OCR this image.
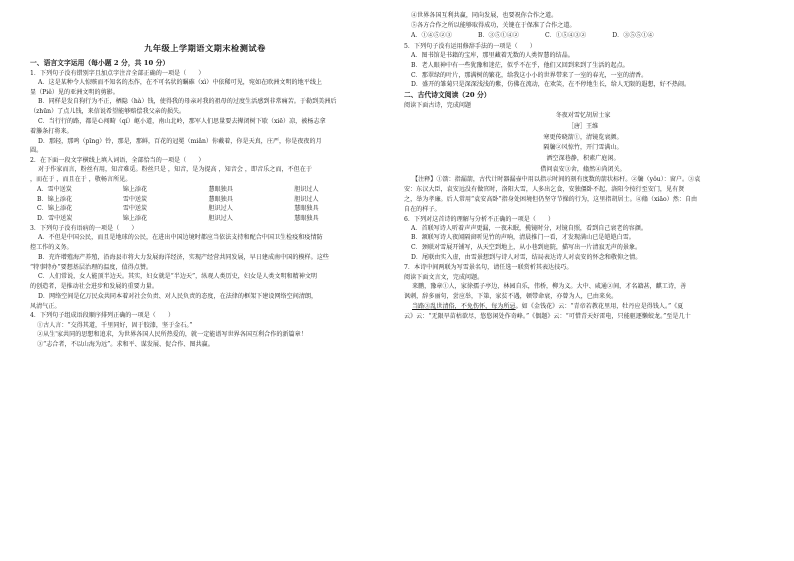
九年级上学期语文期末检测试卷
一、语言文字运用（每小题 2 分，共 10 分）
1．下列句子没有错别字且加点字注音全部正确的一项是（　　）
A．这是某种令人惊赅而不知名的杰作，在不可名状的瞩碓（xì）中依稀可见，宛如在欧洲文明的地平线上
显（Piě）见的亚洲文明的剪影。
B．同样是发自狗行为不正，栖隐（hà）钱，使得我的母亲对我的祖母的过度生活感到非常痛苦。于勒到美洲后
（zhūn）了点儿钱，来信说希望能够赔偿我父亲的损失。
C．当行行的路，都是心闯畸（qí）岖小道，南山北岭，那军人们思量要去撵闭树下歇（xiē）凉，被杨志拿
着籐条打将来。
D．那轻，那鸣（pīng）铃，那是，那鲜，百花的冠冕（miǎn）你戴着，你是天真，庄严，你是夜夜的月
圆。
2．在下面一段文字横线上填入词语，全部恰当的一项是（　　）
对于作家而言，粉丝有用，知音难觅。粉丝只是 ，知音，是为提高 ，知音会 ，即音乐之而，不但在于
，而在于 ，而且在于 ，敬畅言所见。
A．雪中送炭	锦上添花	慧眼独具	胆识过人
B．锦上添花	雪中送炭	慧眼独具	胆识过人
C．锦上添花	雪中送炭	胆识过人	慧眼独具
D．雪中送炭	锦上添花	胆识过人	慧眼独具
3．下列句子没有语病的一项是（　　）
A．不但是中国公民，而且是地球的公民，在进出中国边境时都应当依法支持和配合中国卫生检疫和疫情防
控工作的义务。
B．充许增殖海产养殖，沿海县市将大力发展海洋经济，实现产经营共同发展，早日建成南中国的模样。这些
“特事特办”要想基层治理的温度，值得点赞。
C．人们常说，女人能顶半边天。其实，妇女就是“半边天”，纵观人类历史，妇女是人类文明和精神文明
的创造者，是推动社会进步和发展的重要力量。
D．网络空间是亿万民众共同本着对社会负责、对人民负责的态度，在法律的框架下建设网络空间清朗，
风清气正。
4．下列句子组成语段顺序排列正确的一项是（　　）
①古人言：“交得其道，千里同好，固于胶漆，坚于金石。”
②从生'家共同的思想和追求，为世界各国人民所热爱的，就一定能谱写世界各国互利合作的新篇章！
③“志合者，不以山海为远”。求和平、谋发展、促合作、图共赢。
④世界各国互利共赢，同向发展，也要祝你合作之道。
⑤各方合作之所以能够取得成功，关键在于保准了合作之道。
A．①④⑤②③	B．③⑤①④②	C．①⑤④③②	D．③⑤⑤①④
5．下列句子没有运用修辞手法的一项是（　　）
A．图书馆是书籍的宝库，那里藏着无数的人类智慧的结晶。
B．老人眼神中有一些犹豫和迷茫，似乎不在乎，他们又回到来到了生活的起点。
C．那翠绿的叶片，那满树的繁花，给我这小小的世界带来了一室的春光，一室的清香。
D．盛开的雏菊只是深深浅浅的紫，仿佛在流动，在欢笑，在不停地生长，给人无限的遐想，好不热闹。
二、古代诗文阅读（20 分）
阅读下面古诗，完成问题
冬夜对雪忆胡居士家
［唐］王维
寒更传晓箭①，清镜览衰颜。
隔牖②风惊竹，开门雪满山。
洒空深巷静，积素广庭闲。
借问袁安③舍，翛然④尚闭关。
【注释】①箭：指漏箭，古代计时器漏壶中用以指示时间的刻有度数的箭状标杆。②牖（yǒu）：窗户。③袁
安：东汉大臣，袁安远没有做官时，洛阳大雪，人多出乞食，安独僵卧不起，洛阳令按行至安门，见有贤
之，举为孝廉。后人常用“袁安高卧”指身处困境但仍坚守节操的行为，这里指胡居士。④翛（xiāo）然：自由
自在的样子。
6．下列对这首诗的理解与分析不正确的一项是（　　）
A．首联写诗人听着声声更漏，一夜未眠，揽镜时分，对镜自照，看到自己衰老的容颜。
B．颔联写诗人夜闻隔窗听见竹的声响，清晨推门一看，才发现满山已是皑皑白雪。
C．颈联对雪展开铺写，从天空到地上，从小巷到庭院，描写出一片清寂无声的景象。
D．尾联由实入虚，由雪景想到与诗人对雪，结局表达诗人对袁安的怀念和敬仰之情。
7．本诗中间两联为写雪景名句，请任选一联赏析其表达技巧。
阅读下面文言文，完成问题。
来鹏，豫章①人，家徐孺子亭边，林园自乐，伟桥，柳为义。大中、咸通②间，才名籍甚，麒工诗，善
讽刺，辞多丽句，尝应举，下第，家贫不遇，顿带命衰，亦曾为人，已由来矣。
当路③乱世清俗，不免伤怀，每为所忌。如《金钱花》云：“青帝若教花里用，牡丹应是得钱人。”《夏
云》云：“无限旱苗枯欲尽，悠悠闲处作奇峰。”《偶题》云：“可惜青天好雷电，只能驱逐懒蛟龙。”至是几十
